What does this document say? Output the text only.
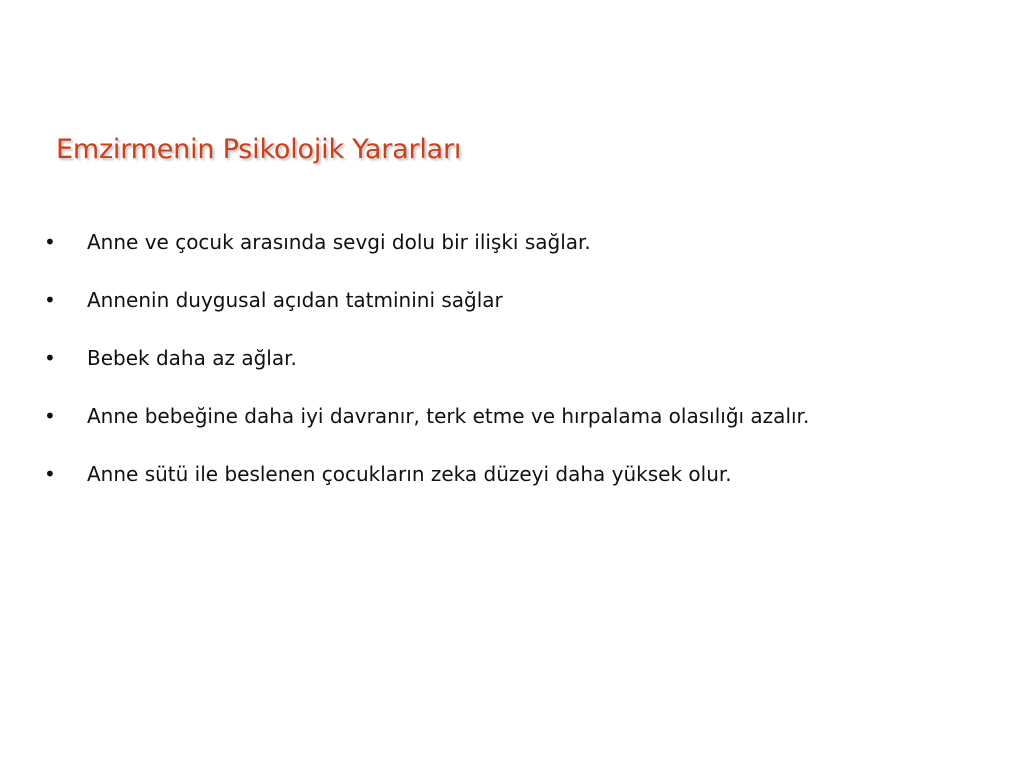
Emzirmenin Psikolojik Yararları
• Anne ve çocuk arasında sevgi dolu bir ilişki sağlar.
• Annenin duygusal açıdan tatminini sağlar
• Bebek daha az ağlar.
• Anne bebeğine daha iyi davranır, terk etme ve hırpalama olasılığı azalır.
• Anne sütü ile beslenen çocukların zeka düzeyi daha yüksek olur.
